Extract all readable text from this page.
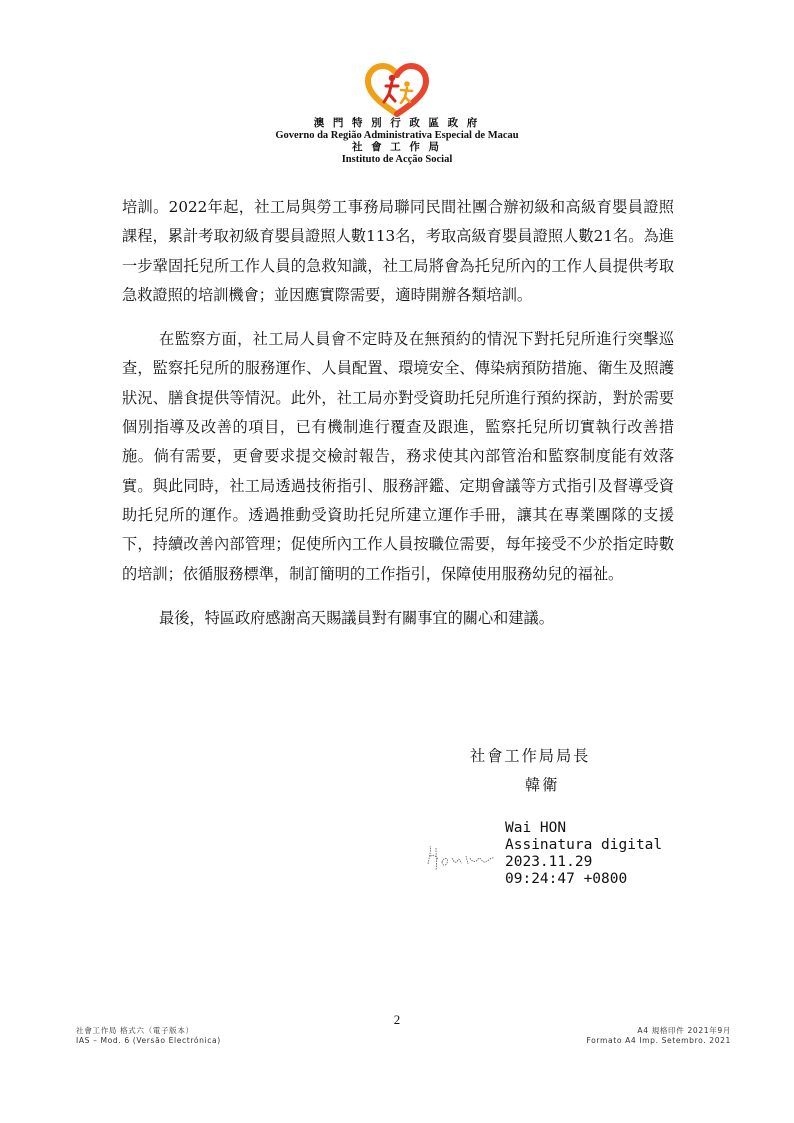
澳 門 特 別 行 政 區 政 府
Governo da Região Administrativa Especial de Macau
社 會 工 作 局
Instituto de Acção Social

培訓。2022年起，社工局與勞工事務局聯同民間社團合辦初級和高級育嬰員證照課程，累計考取初級育嬰員證照人數113名，考取高級育嬰員證照人數21名。為進一步鞏固托兒所工作人員的急救知識，社工局將會為托兒所內的工作人員提供考取急救證照的培訓機會；並因應實際需要，適時開辦各類培訓。

在監察方面，社工局人員會不定時及在無預約的情況下對托兒所進行突擊巡查，監察托兒所的服務運作、人員配置、環境安全、傳染病預防措施、衛生及照護狀況、膳食提供等情況。此外，社工局亦對受資助托兒所進行預約探訪，對於需要個別指導及改善的項目，已有機制進行覆查及跟進，監察托兒所切實執行改善措施。倘有需要，更會要求提交檢討報告，務求使其內部管治和監察制度能有效落實。與此同時，社工局透過技術指引、服務評鑑、定期會議等方式指引及督導受資助托兒所的運作。透過推動受資助托兒所建立運作手冊，讓其在專業團隊的支援下，持續改善內部管理；促使所內工作人員按職位需要，每年接受不少於指定時數的培訓；依循服務標準，制訂簡明的工作指引，保障使用服務幼兒的福祉。

最後，特區政府感謝高天賜議員對有關事宜的關心和建議。

社會工作局局長
韓衛
Wai HON
Assinatura digital
2023.11.29
09:24:47 +0800
2
社會工作局 格式六（電子版本）
IAS – Mod. 6 (Versão Electrónica)
A4 規格印件 2021年9月
Formato A4 Imp. Setembro. 2021
